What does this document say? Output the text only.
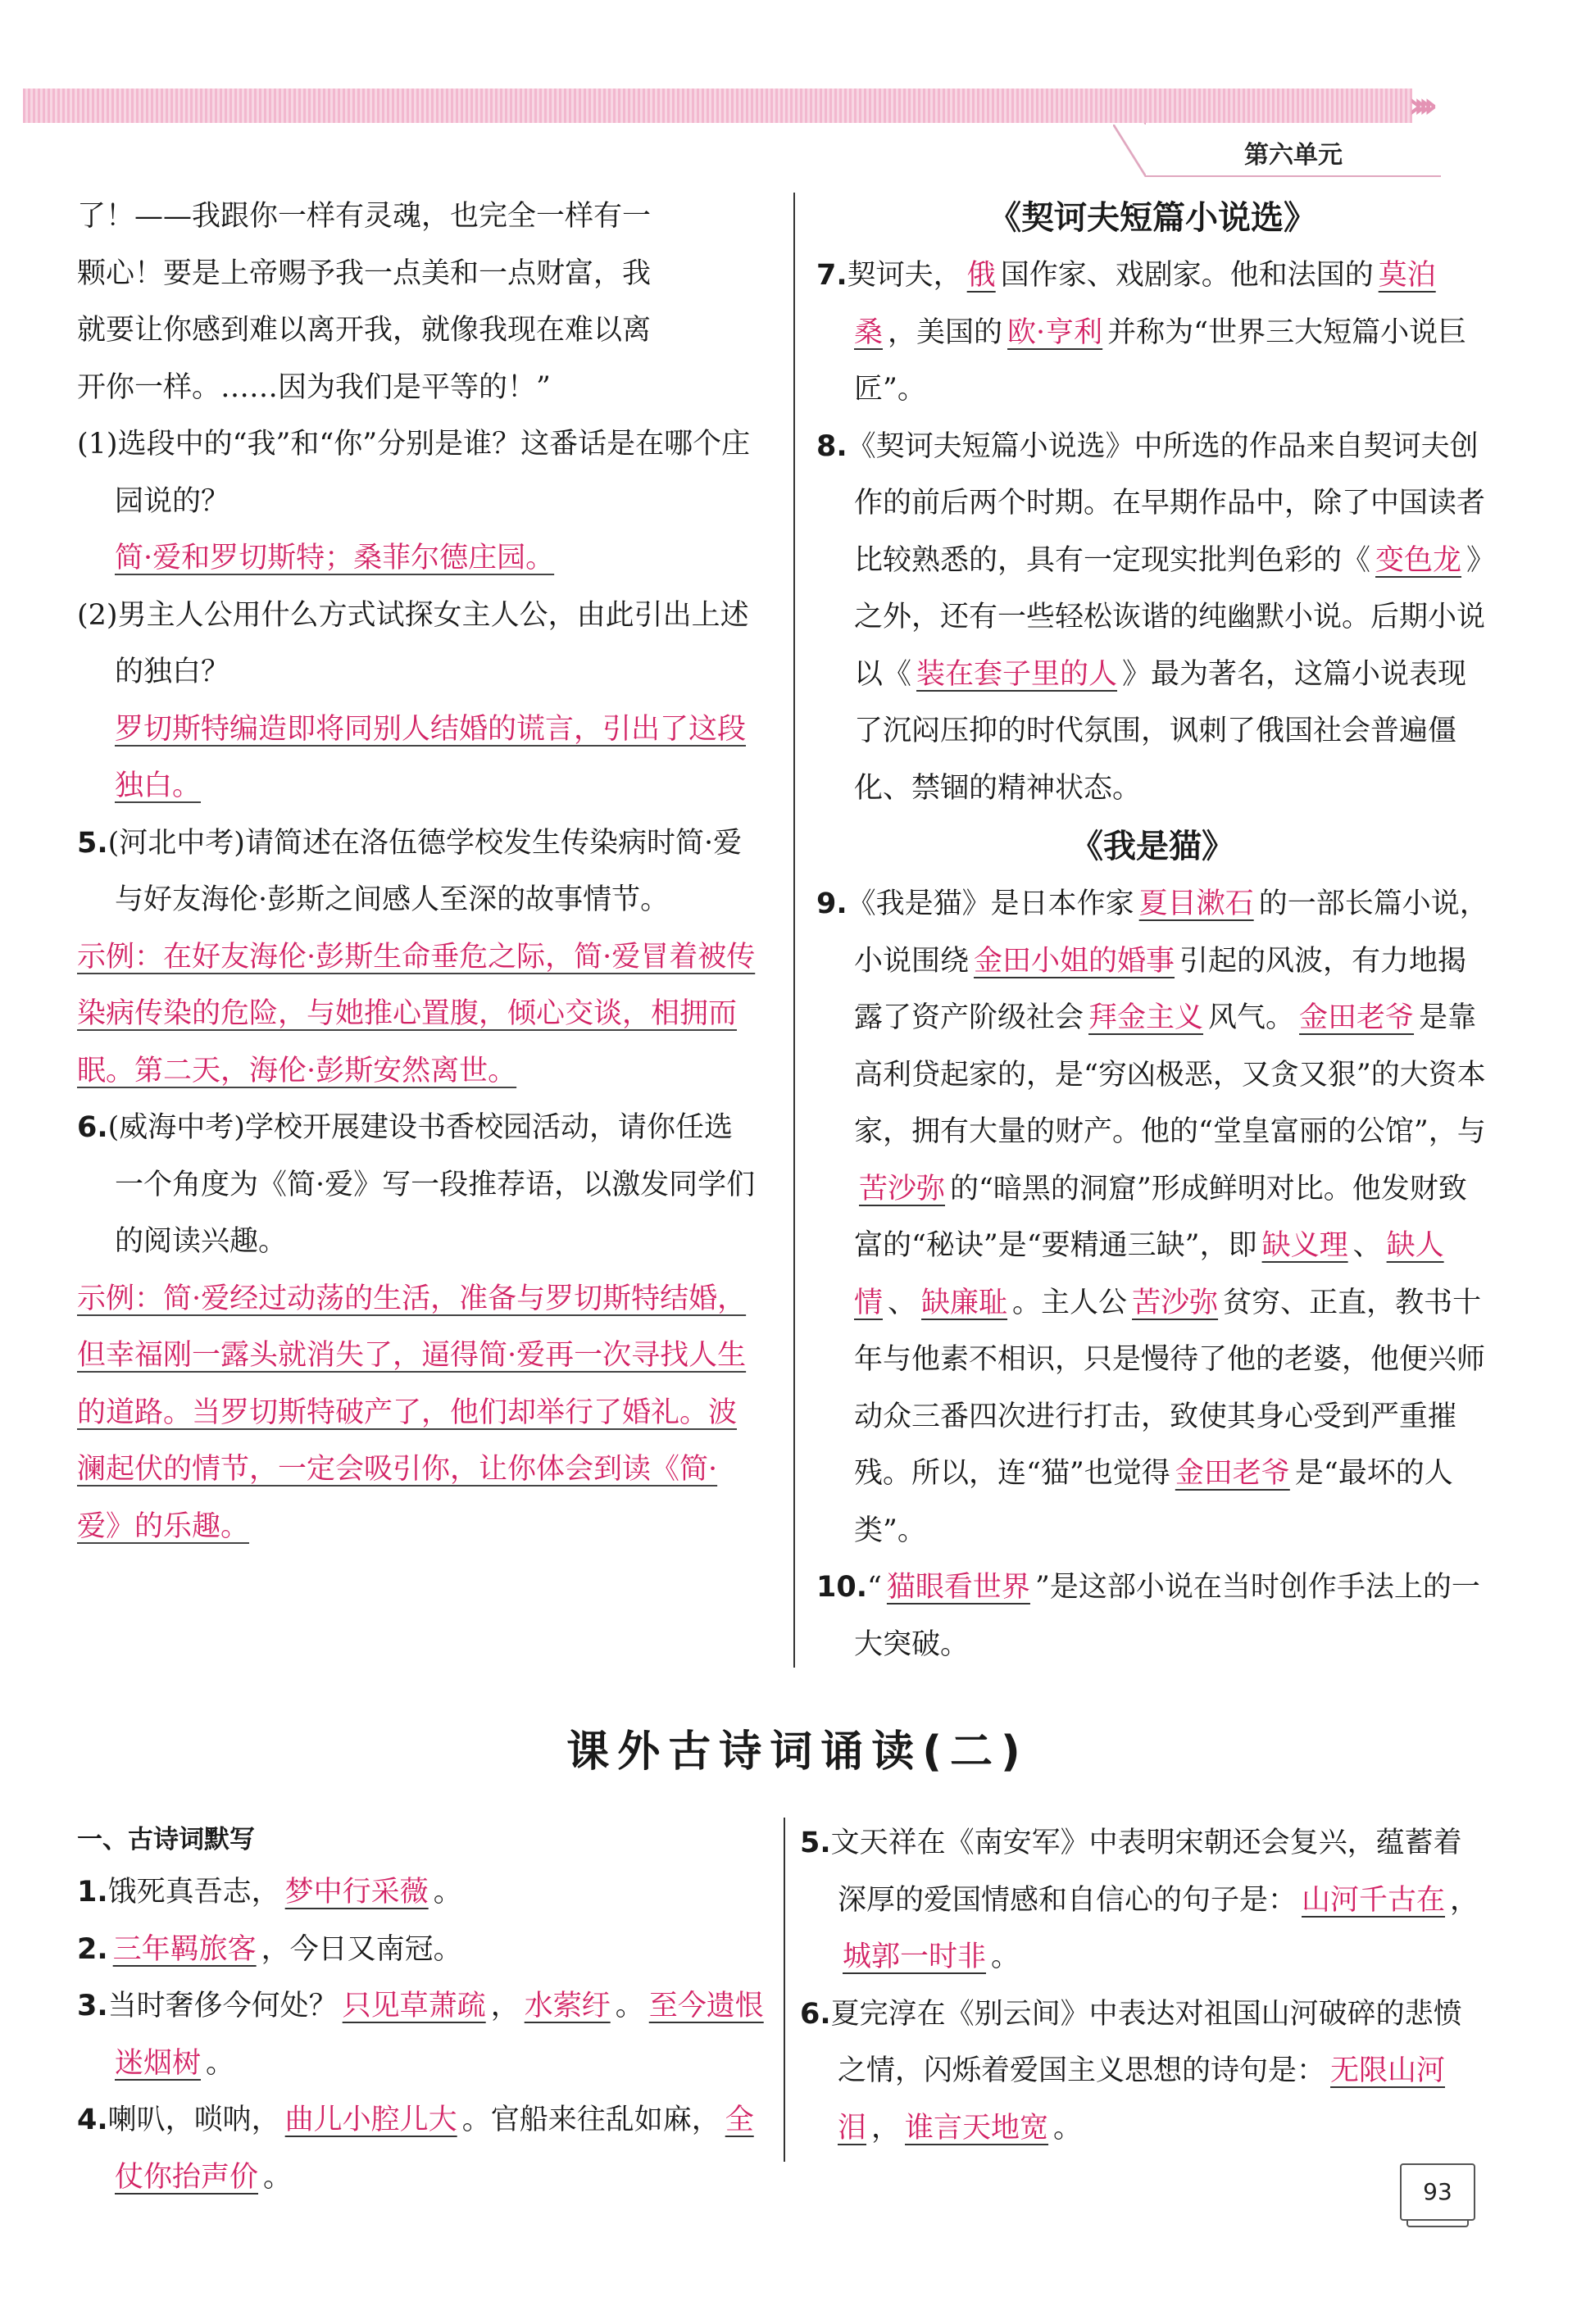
››››
第六单元

了！——我跟你一样有灵魂，也完全一样有一

颗心！要是上帝赐予我一点美和一点财富，我

就要让你感到难以离开我，就像我现在难以离

开你一样。……因为我们是平等的！”

(1)选段中的“我”和“你”分别是谁？这番话是在哪个庄园说的？

简·爱和罗切斯特；桑菲尔德庄园。

(2)男主人公用什么方式试探女主人公，由此引出上述的独白？

罗切斯特编造即将同别人结婚的谎言，引出了这段独白。

5.(河北中考)请简述在洛伍德学校发生传染病时简·爱与好友海伦·彭斯之间感人至深的故事情节。

示例：在好友海伦·彭斯生命垂危之际，简·爱冒着被传染病传染的危险，与她推心置腹，倾心交谈，相拥而眠。第二天，海伦·彭斯安然离世。

6.(威海中考)学校开展建设书香校园活动，请你任选一个角度为《简·爱》写一段推荐语，以激发同学们的阅读兴趣。

示例：简·爱经过动荡的生活，准备与罗切斯特结婚，但幸福刚一露头就消失了，逼得简·爱再一次寻找人生的道路。当罗切斯特破产了，他们却举行了婚礼。波澜起伏的情节，一定会吸引你，让你体会到读《简·爱》的乐趣。

《契诃夫短篇小说选》

7.契诃夫， 俄 国作家、戏剧家。他和法国的 莫泊桑 ，美国的 欧·亨利 并称为“世界三大短篇小说巨匠”。

8.《契诃夫短篇小说选》中所选的作品来自契诃夫创作的前后两个时期。在早期作品中，除了中国读者比较熟悉的，具有一定现实批判色彩的《 变色龙 》之外，还有一些轻松诙谐的纯幽默小说。后期小说以《 装在套子里的人 》最为著名，这篇小说表现了沉闷压抑的时代氛围，讽刺了俄国社会普遍僵化、禁锢的精神状态。

《我是猫》

9.《我是猫》是日本作家 夏目漱石 的一部长篇小说，小说围绕 金田小姐的婚事 引起的风波，有力地揭露了资产阶级社会 拜金主义 风气。 金田老爷 是靠高利贷起家的，是“穷凶极恶，又贪又狠”的大资本家，拥有大量的财产。他的“堂皇富丽的公馆”，与苦沙弥 的“暗黑的洞窟”形成鲜明对比。他发财致富的“秘诀”是“要精通三缺”，即 缺义理 、 缺人情 、 缺廉耻 。主人公 苦沙弥 贫穷、正直，教书十年与他素不相识，只是慢待了他的老婆，他便兴师动众三番四次进行打击，致使其身心受到严重摧残。所以，连“猫”也觉得 金田老爷 是“最坏的人类”。

10.“ 猫眼看世界 ”是这部小说在当时创作手法上的一大突破。

课外古诗词诵读(二)

一、古诗词默写

1.饿死真吾志， 梦中行采薇 。

2. 三年羁旅客 ，今日又南冠。

3.当时奢侈今何处？ 只见草萧疏 ， 水萦纡 。 至今遗恨迷烟树 。

4.喇叭，唢呐， 曲儿小腔儿大 。官船来往乱如麻， 全仗你抬声价 。

5.文天祥在《南安军》中表明宋朝还会复兴，蕴蓄着深厚的爱国情感和自信心的句子是： 山河千古在 ，城郭一时非 。

6.夏完淳在《别云间》中表达对祖国山河破碎的悲愤之情，闪烁着爱国主义思想的诗句是： 无限山河泪 ， 谁言天地宽 。

93
